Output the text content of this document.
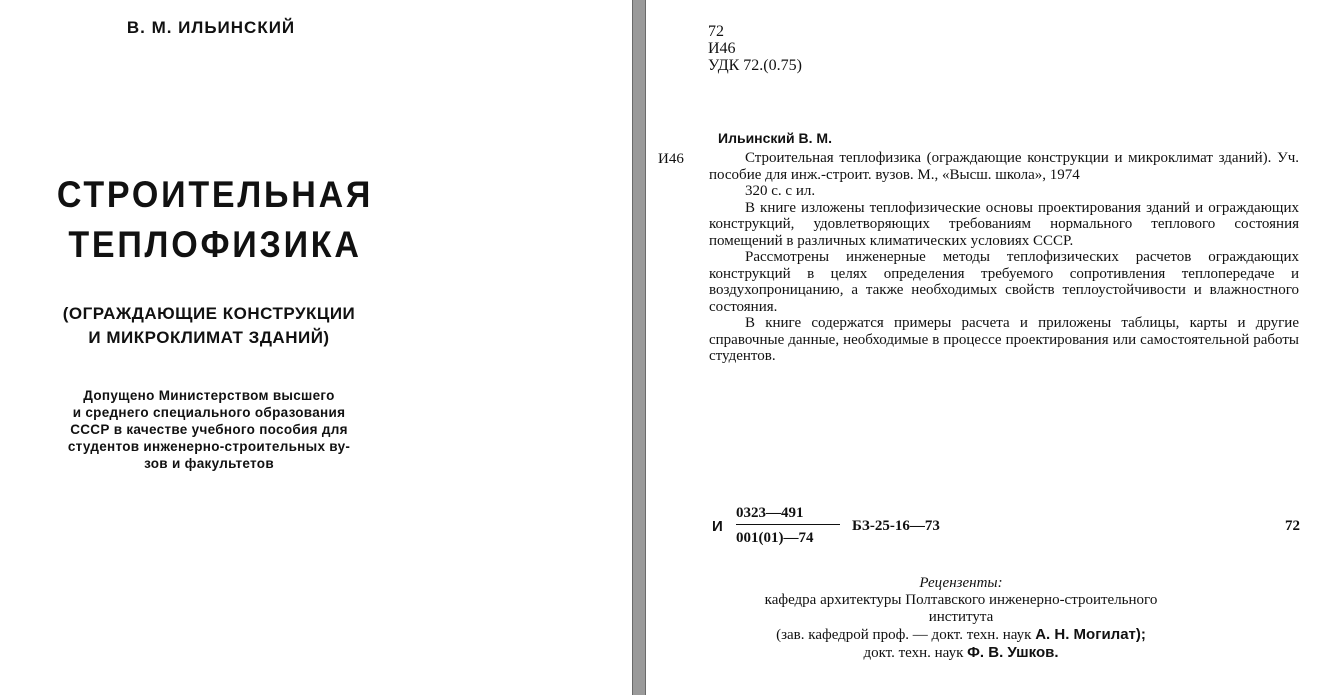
В. М. ИЛЬИНСКИЙ
СТРОИТЕЛЬНАЯ
ТЕПЛОФИЗИКА
(ОГРАЖДАЮЩИЕ КОНСТРУКЦИИ
И МИКРОКЛИМАТ ЗДАНИЙ)
Допущено Министерством высшего
и среднего специального образования
СССР в качестве учебного пособия для
студентов инженерно-строительных ву-
зов и факультетов
72
И46
УДК 72.(0.75)
Ильинский В. М.
И46	Строительная теплофизика (ограждающие конструкции и микроклимат зданий). Уч. пособие для инж.-строит. вузов. М., «Высш. школа», 1974

320 с. с ил.

В книге изложены теплофизические основы проектирования зданий и ограждающих конструкций, удовлетворяющих требованиям нормального теплового состояния помещений в различных климатических условиях СССР.

Рассмотрены инженерные методы теплофизических расчетов ограждающих конструкций в целях определения требуемого сопротивления теплопередаче и воздухопроницанию, а также необходимых свойств теплоустойчивости и влажностного состояния.

В книге содержатся примеры расчета и приложены таблицы, карты и другие справочные данные, необходимые в процессе проектирования или самостоятельной работы студентов.

И
0323—491
001(01)—74
БЗ-25-16—73	72
Рецензенты:
кафедра архитектуры Полтавского инженерно-строительного
института
(зав. кафедрой проф. — докт. техн. наук А. Н. Могилат);
докт. техн. наук Ф. В. Ушков.
